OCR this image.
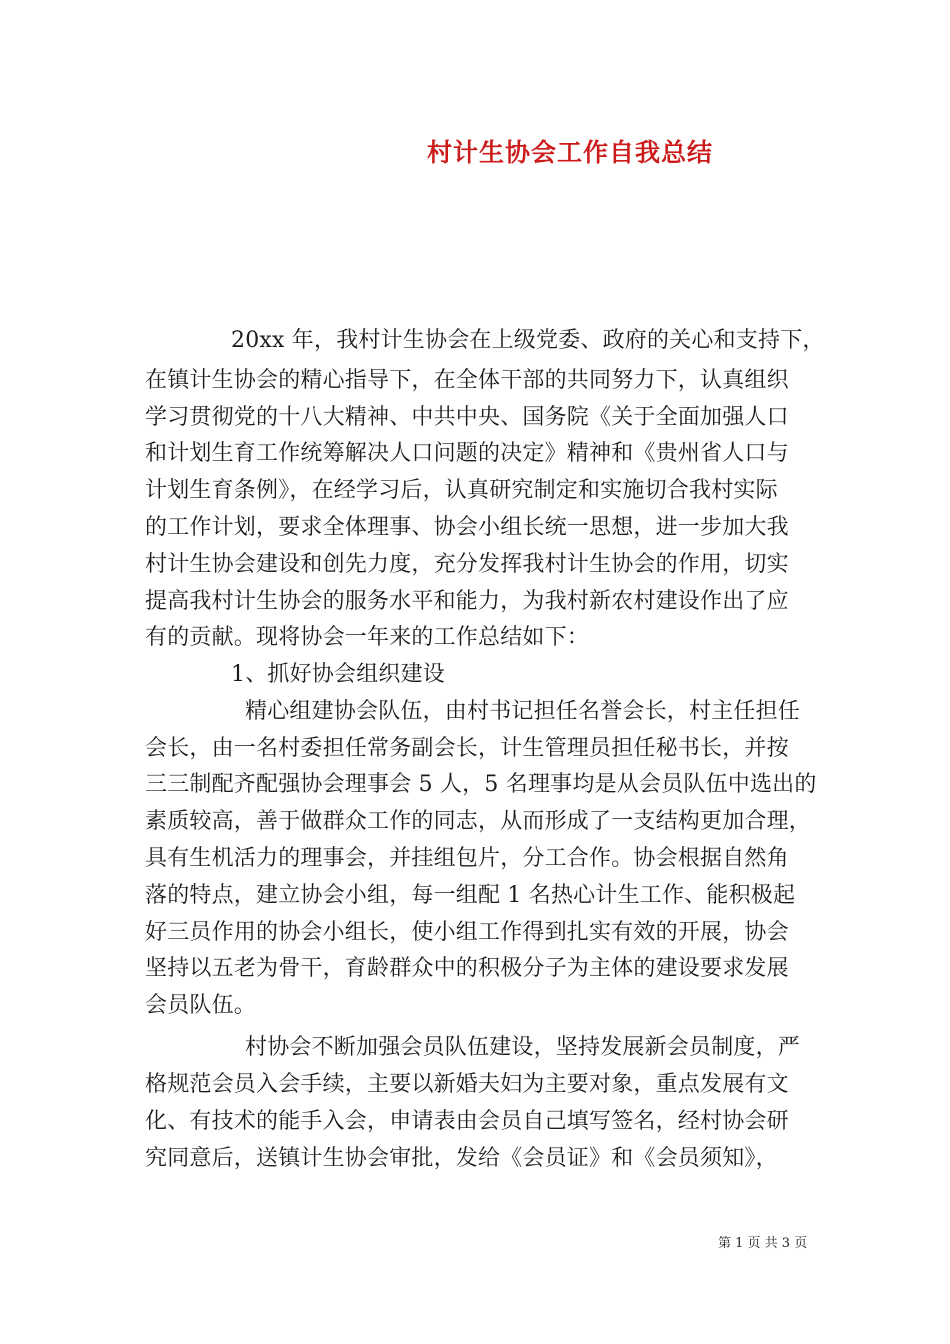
村计生协会工作自我总结
20xx 年，我村计生协会在上级党委、政府的关心和支持下，
在镇计生协会的精心指导下，在全体干部的共同努力下，认真组织
学习贯彻党的十八大精神、中共中央、国务院《关于全面加强人口
和计划生育工作统筹解决人口问题的决定》精神和《贵州省人口与
计划生育条例》，在经学习后，认真研究制定和实施切合我村实际
的工作计划，要求全体理事、协会小组长统一思想，进一步加大我
村计生协会建设和创先力度，充分发挥我村计生协会的作用，切实
提高我村计生协会的服务水平和能力，为我村新农村建设作出了应
有的贡献。现将协会一年来的工作总结如下：
1、抓好协会组织建设
精心组建协会队伍，由村书记担任名誉会长，村主任担任
会长，由一名村委担任常务副会长，计生管理员担任秘书长，并按
三三制配齐配强协会理事会 5 人，5 名理事均是从会员队伍中选出的
素质较高，善于做群众工作的同志，从而形成了一支结构更加合理，
具有生机活力的理事会，并挂组包片，分工合作。协会根据自然角
落的特点，建立协会小组，每一组配 1 名热心计生工作、能积极起
好三员作用的协会小组长，使小组工作得到扎实有效的开展，协会
坚持以五老为骨干，育龄群众中的积极分子为主体的建设要求发展
会员队伍。
村协会不断加强会员队伍建设，坚持发展新会员制度，严
格规范会员入会手续，主要以新婚夫妇为主要对象，重点发展有文
化、有技术的能手入会，申请表由会员自己填写签名，经村协会研
究同意后，送镇计生协会审批，发给《会员证》和《会员须知》，
第 1 页 共 3 页
